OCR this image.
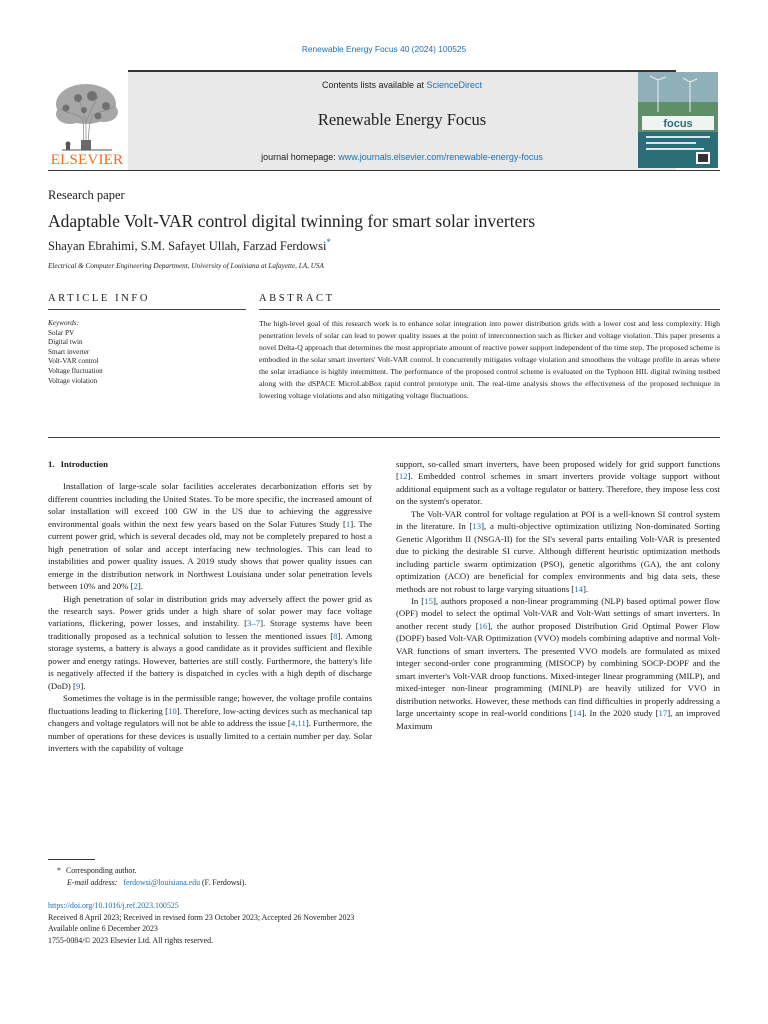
Renewable Energy Focus 40 (2024) 100525
ELSEVIER
Contents lists available at ScienceDirect
Renewable Energy Focus
journal homepage: www.journals.elsevier.com/renewable-energy-focus
focus
Research paper
Adaptable Volt-VAR control digital twinning for smart solar inverters
Shayan Ebrahimi, S.M. Safayet Ullah, Farzad Ferdowsi*
Electrical & Computer Engineering Department, University of Louisiana at Lafayette, LA, USA
ARTICLE INFO	ABSTRACT
Keywords:
Solar PV
Digital twin
Smart inverter
Volt-VAR control
Voltage fluctuation
Voltage violation
The high-level goal of this research work is to enhance solar integration into power distribution grids with a lower cost and less complexity. High penetration levels of solar can lead to power quality issues at the point of interconnection such as flicker and voltage violation. This paper presents a novel Delta-Q approach that determines the most appropriate amount of reactive power support independent of the time step. The proposed scheme is embodied in the solar smart inverters' Volt-VAR control. It concurrently mitigates voltage violation and smoothens the voltage profile in areas where the solar irradiance is highly intermittent. The performance of the proposed control scheme is evaluated on the Typhoon HIL digital twining testbed along with the dSPACE MicroLabBox rapid control prototype unit. The real-time analysis shows the effectiveness of the proposed technique in lowering voltage violations and also mitigating voltage fluctuations.
1. Introduction

Installation of large-scale solar facilities accelerates decarbonization efforts set by different countries including the United States. To be more specific, the increased amount of solar installation will exceed 100 GW in the US due to achieving the aggressive environmental goals within the next few years based on the Solar Futures Study [1]. The current power grid, which is several decades old, may not be completely prepared to host a high penetration of solar and accept interfacing new technologies. This can lead to instabilities and power quality issues. A 2019 study shows that power quality issues can emerge in the distribution network in Northwest Louisiana under solar penetration levels between 10% and 20% [2].

High penetration of solar in distribution grids may adversely affect the power grid as the research says. Power grids under a high share of solar power may face voltage variations, flickering, power losses, and instability. [3–7]. Storage systems have been traditionally proposed as a technical solution to lessen the mentioned issues [8]. Among storage systems, a battery is always a good candidate as it provides sufficient and flexible power and energy ratings. However, batteries are still costly. Furthermore, the battery's life is negatively affected if the battery is dispatched in cycles with a high depth of discharge (DoD) [9].

Sometimes the voltage is in the permissible range; however, the voltage profile contains fluctuations leading to flickering [10]. Therefore, low-acting devices such as mechanical tap changers and voltage regulators will not be able to address the issue [4,11]. Furthermore, the number of operations for these devices is usually limited to a certain number per day. Solar inverters with the capability of voltage

support, so-called smart inverters, have been proposed widely for grid support functions [12]. Embedded control schemes in smart inverters provide voltage support without additional equipment such as a voltage regulator or battery. Therefore, they impose less cost on the system's operator.

The Volt-VAR control for voltage regulation at POI is a well-known SI control system in the literature. In [13], a multi-objective optimization utilizing Non-dominated Sorting Genetic Algorithm II (NSGA-II) for the SI's several parts entailing Volt-VAR is presented due to picking the desirable SI curve. Although different heuristic optimization methods including particle swarm optimization (PSO), genetic algorithms (GA), the ant colony optimization (ACO) are beneficial for complex environments and big data sets, these methods are not robust to large varying situations [14].

In [15], authors proposed a non-linear programming (NLP) based optimal power flow (OPF) model to select the optimal Volt-VAR and Volt-Watt settings of smart inverters. In another recent study [16], the author proposed Distribution Grid Optimal Power Flow (DOPF) based Volt-VAR Optimization (VVO) models combining adaptive and normal Volt-VAR functions of smart inverters. The presented VVO models are formulated as mixed integer second-order cone programming (MISOCP) by combining SOCP-DOPF and the smart inverter's Volt-VAR droop functions. Mixed-integer linear programming (MILP), and mixed-integer non-linear programming (MINLP) are heavily utilized for VVO in distribution networks. However, these methods can find difficulties in properly addressing a large uncertainty scope in real-world conditions [14]. In the 2020 study [17], an improved Maximum

* Corresponding author.
E-mail address: ferdowsi@louisiana.edu (F. Ferdowsi).
https://doi.org/10.1016/j.ref.2023.100525
Received 8 April 2023; Received in revised form 23 October 2023; Accepted 26 November 2023
Available online 6 December 2023
1755-0084/© 2023 Elsevier Ltd. All rights reserved.
